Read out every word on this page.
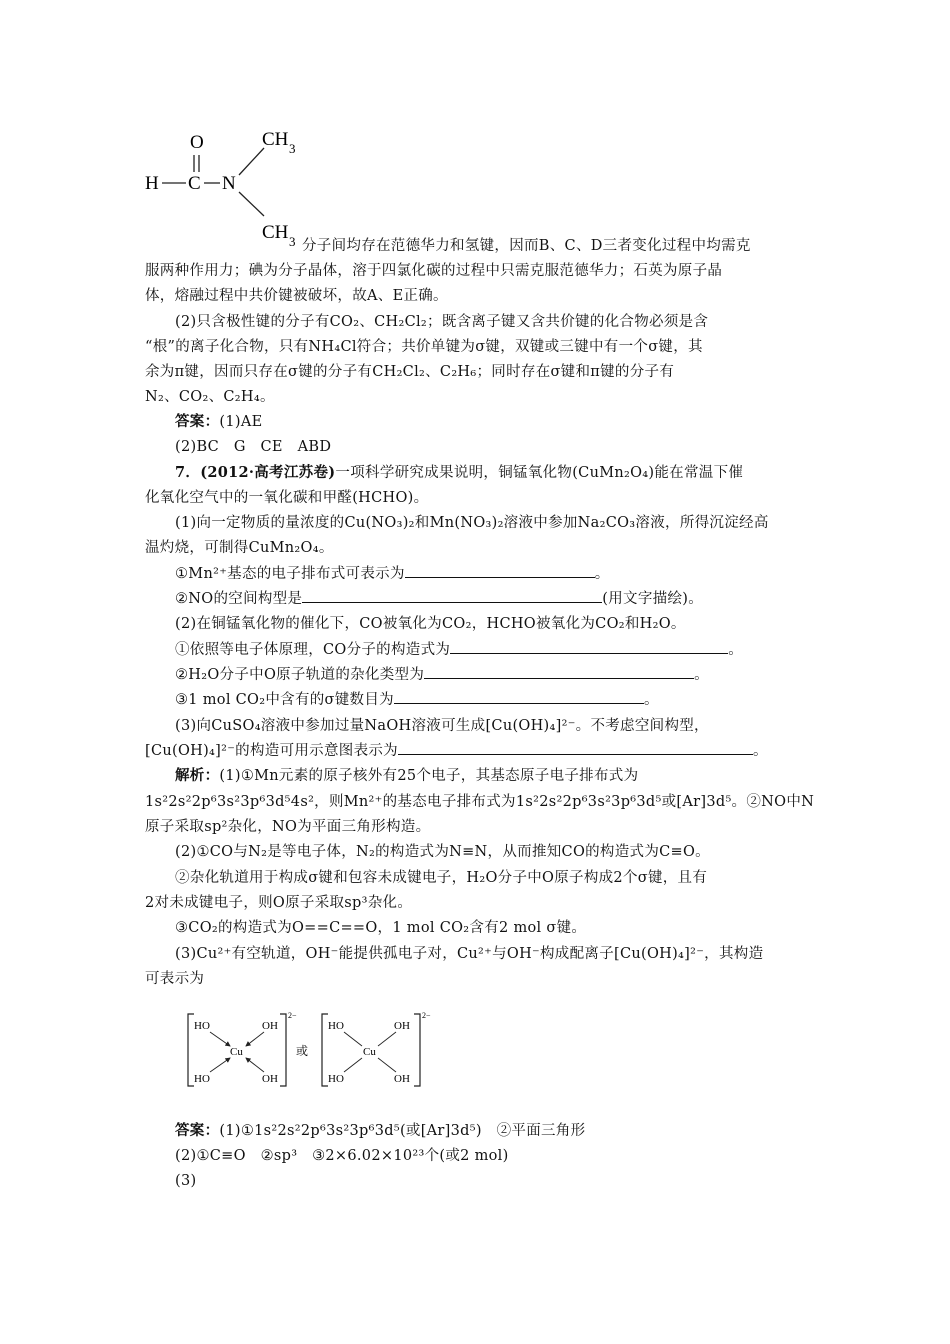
O
H C N
CH 3
CH 3 分子间均存在范德华力和氢键，因而B、C、D三者变化过程中均需克
服两种作用力；碘为分子晶体，溶于四氯化碳的过程中只需克服范德华力；石英为原子晶
体，熔融过程中共价键被破坏，故A、E正确。
(2)只含极性键的分子有CO₂、CH₂Cl₂；既含离子键又含共价键的化合物必须是含
“根”的离子化合物，只有NH₄Cl符合；共价单键为σ键，双键或三键中有一个σ键，其
余为π键，因而只存在σ键的分子有CH₂Cl₂、C₂H₆；同时存在σ键和π键的分子有
N₂、CO₂、C₂H₄。
答案：(1)AE
(2)BC　G　CE　ABD
7．(2012·高考江苏卷)一项科学研究成果说明，铜锰氧化物(CuMn₂O₄)能在常温下催
化氧化空气中的一氧化碳和甲醛(HCHO)。
(1)向一定物质的量浓度的Cu(NO₃)₂和Mn(NO₃)₂溶液中参加Na₂CO₃溶液，所得沉淀经高
温灼烧，可制得CuMn₂O₄。
①Mn²⁺基态的电子排布式可表示为	。
②NO的空间构型是	(用文字描绘)。
(2)在铜锰氧化物的催化下，CO被氧化为CO₂，HCHO被氧化为CO₂和H₂O。
①依照等电子体原理，CO分子的构造式为	。
②H₂O分子中O原子轨道的杂化类型为	。
③1 mol CO₂中含有的σ键数目为	。
(3)向CuSO₄溶液中参加过量NaOH溶液可生成[Cu(OH)₄]²⁻。不考虑空间构型，
[Cu(OH)₄]²⁻的构造可用示意图表示为	。
解析：(1)①Mn元素的原子核外有25个电子，其基态原子电子排布式为
1s²2s²2p⁶3s²3p⁶3d⁵4s²，则Mn²⁺的基态电子排布式为1s²2s²2p⁶3s²3p⁶3d⁵或[Ar]3d⁵。②NO中N
原子采取sp²杂化，NO为平面三角形构造。
(2)①CO与N₂是等电子体，N₂的构造式为N≡N，从而推知CO的构造式为C≡O。
②杂化轨道用于构成σ键和包容未成键电子，H₂O分子中O原子构成2个σ键，且有
2对未成键电子，则O原子采取sp³杂化。
③CO₂的构造式为O==C==O，1 mol CO₂含有2 mol σ键。
(3)Cu²⁺有空轨道，OH⁻能提供孤电子对，Cu²⁺与OH⁻构成配离子[Cu(OH)₄]²⁻，其构造
可表示为
2−
HO	OH
HO	OH
Cu	或
2−
HO	OH
HO	OH
Cu
答案：(1)①1s²2s²2p⁶3s²3p⁶3d⁵(或[Ar]3d⁵)　②平面三角形
(2)①C≡O　②sp³　③2×6.02×10²³个(或2 mol)
(3)
